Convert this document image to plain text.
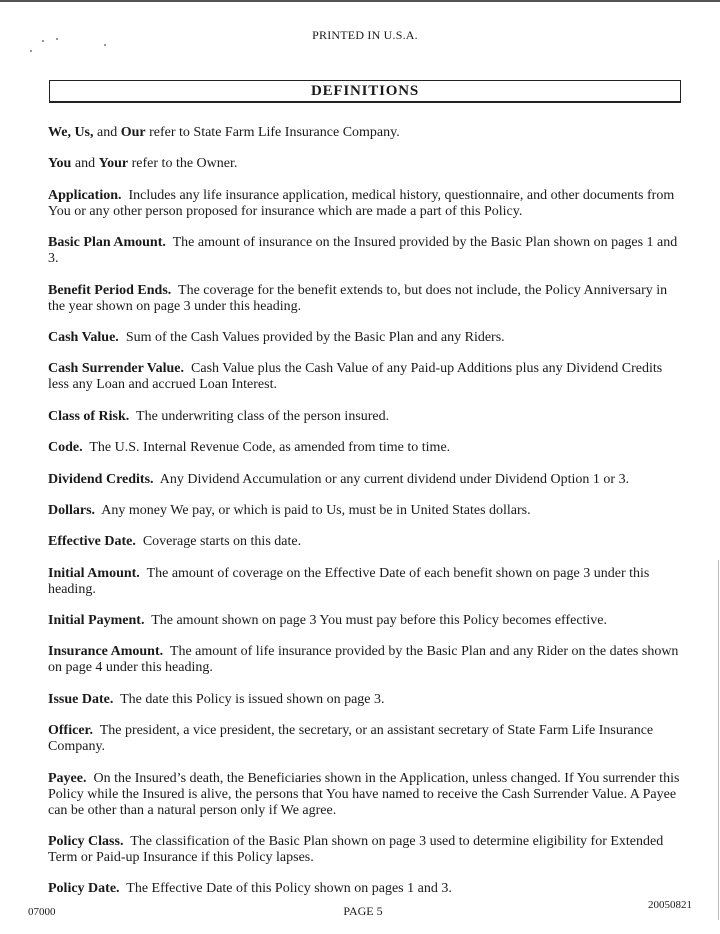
PRINTED IN U.S.A.
DEFINITIONS

We, Us, and Our refer to State Farm Life Insurance Company.

You and Your refer to the Owner.

Application. Includes any life insurance application, medical history, questionnaire, and other documents from You or any other person proposed for insurance which are made a part of this Policy.

Basic Plan Amount. The amount of insurance on the Insured provided by the Basic Plan shown on pages 1 and 3.

Benefit Period Ends. The coverage for the benefit extends to, but does not include, the Policy Anniversary in the year shown on page 3 under this heading.

Cash Value. Sum of the Cash Values provided by the Basic Plan and any Riders.

Cash Surrender Value. Cash Value plus the Cash Value of any Paid-up Additions plus any Dividend Credits less any Loan and accrued Loan Interest.

Class of Risk. The underwriting class of the person insured.

Code. The U.S. Internal Revenue Code, as amended from time to time.

Dividend Credits. Any Dividend Accumulation or any current dividend under Dividend Option 1 or 3.

Dollars. Any money We pay, or which is paid to Us, must be in United States dollars.

Effective Date. Coverage starts on this date.

Initial Amount. The amount of coverage on the Effective Date of each benefit shown on page 3 under this heading.

Initial Payment. The amount shown on page 3 You must pay before this Policy becomes effective.

Insurance Amount. The amount of life insurance provided by the Basic Plan and any Rider on the dates shown on page 4 under this heading.

Issue Date. The date this Policy is issued shown on page 3.

Officer. The president, a vice president, the secretary, or an assistant secretary of State Farm Life Insurance Company.

Payee. On the Insured’s death, the Beneficiaries shown in the Application, unless changed. If You surrender this Policy while the Insured is alive, the persons that You have named to receive the Cash Surrender Value. A Payee can be other than a natural person only if We agree.

Policy Class. The classification of the Basic Plan shown on page 3 used to determine eligibility for Extended Term or Paid-up Insurance if this Policy lapses.

Policy Date. The Effective Date of this Policy shown on pages 1 and 3.

07000	PAGE 5	20050821
